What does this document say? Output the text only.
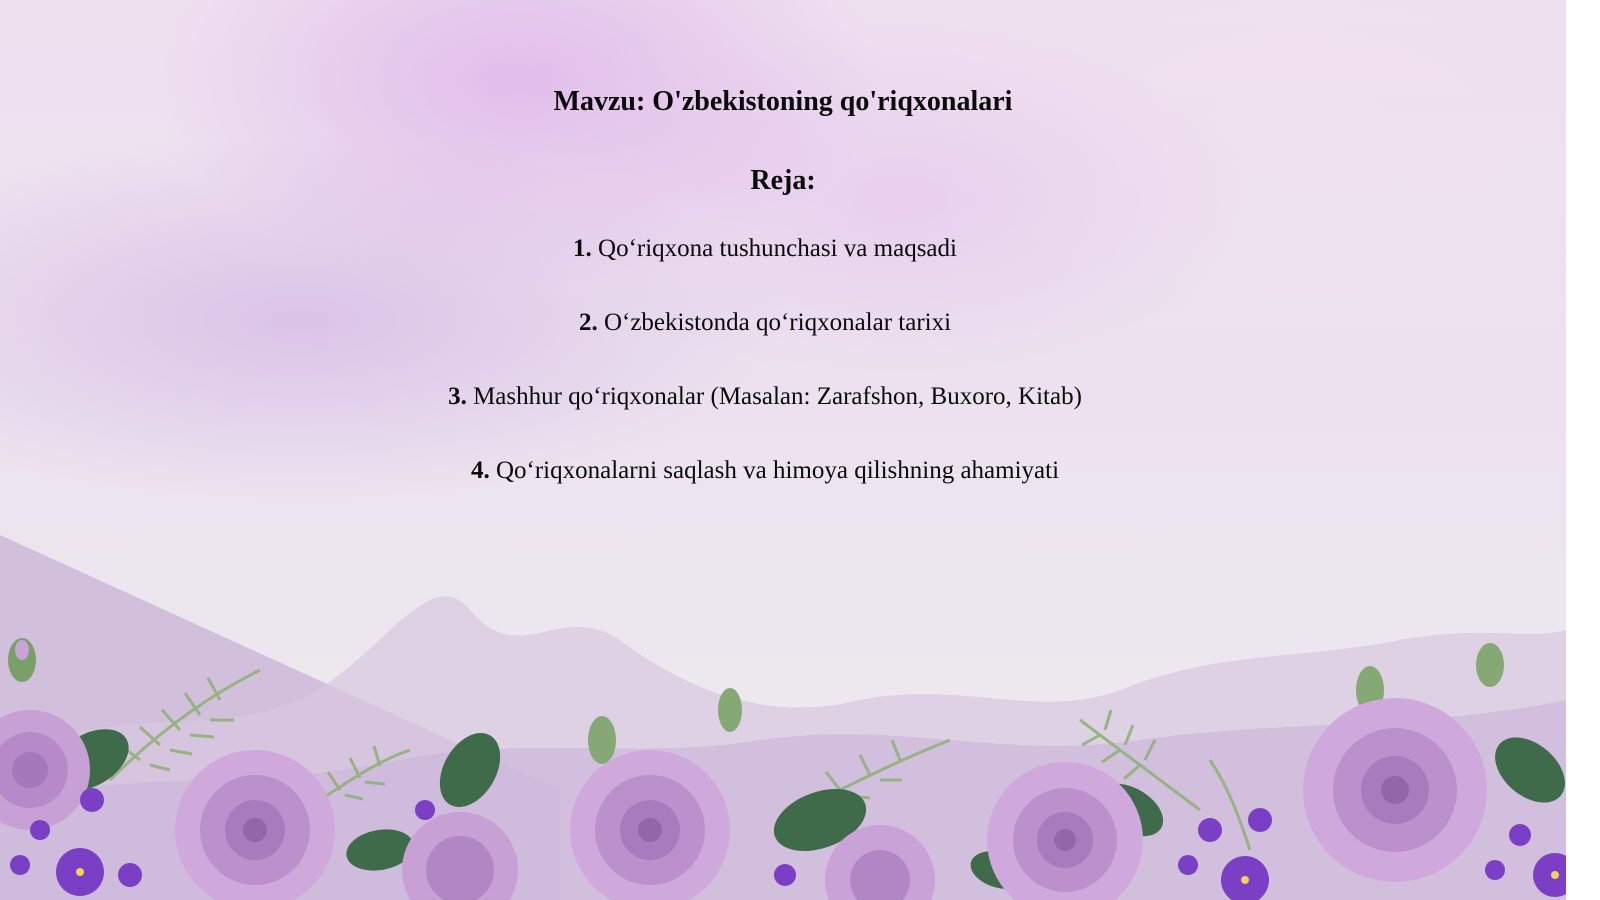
Mavzu: O'zbekistoning qo'riqxonalari
Reja:
1. Qo‘riqxona tushunchasi va maqsadi
2. O‘zbekistonda qo‘riqxonalar tarixi
3. Mashhur qo‘riqxonalar (Masalan: Zarafshon, Buxoro, Kitab)
4. Qo‘riqxonalarni saqlash va himoya qilishning ahamiyati
